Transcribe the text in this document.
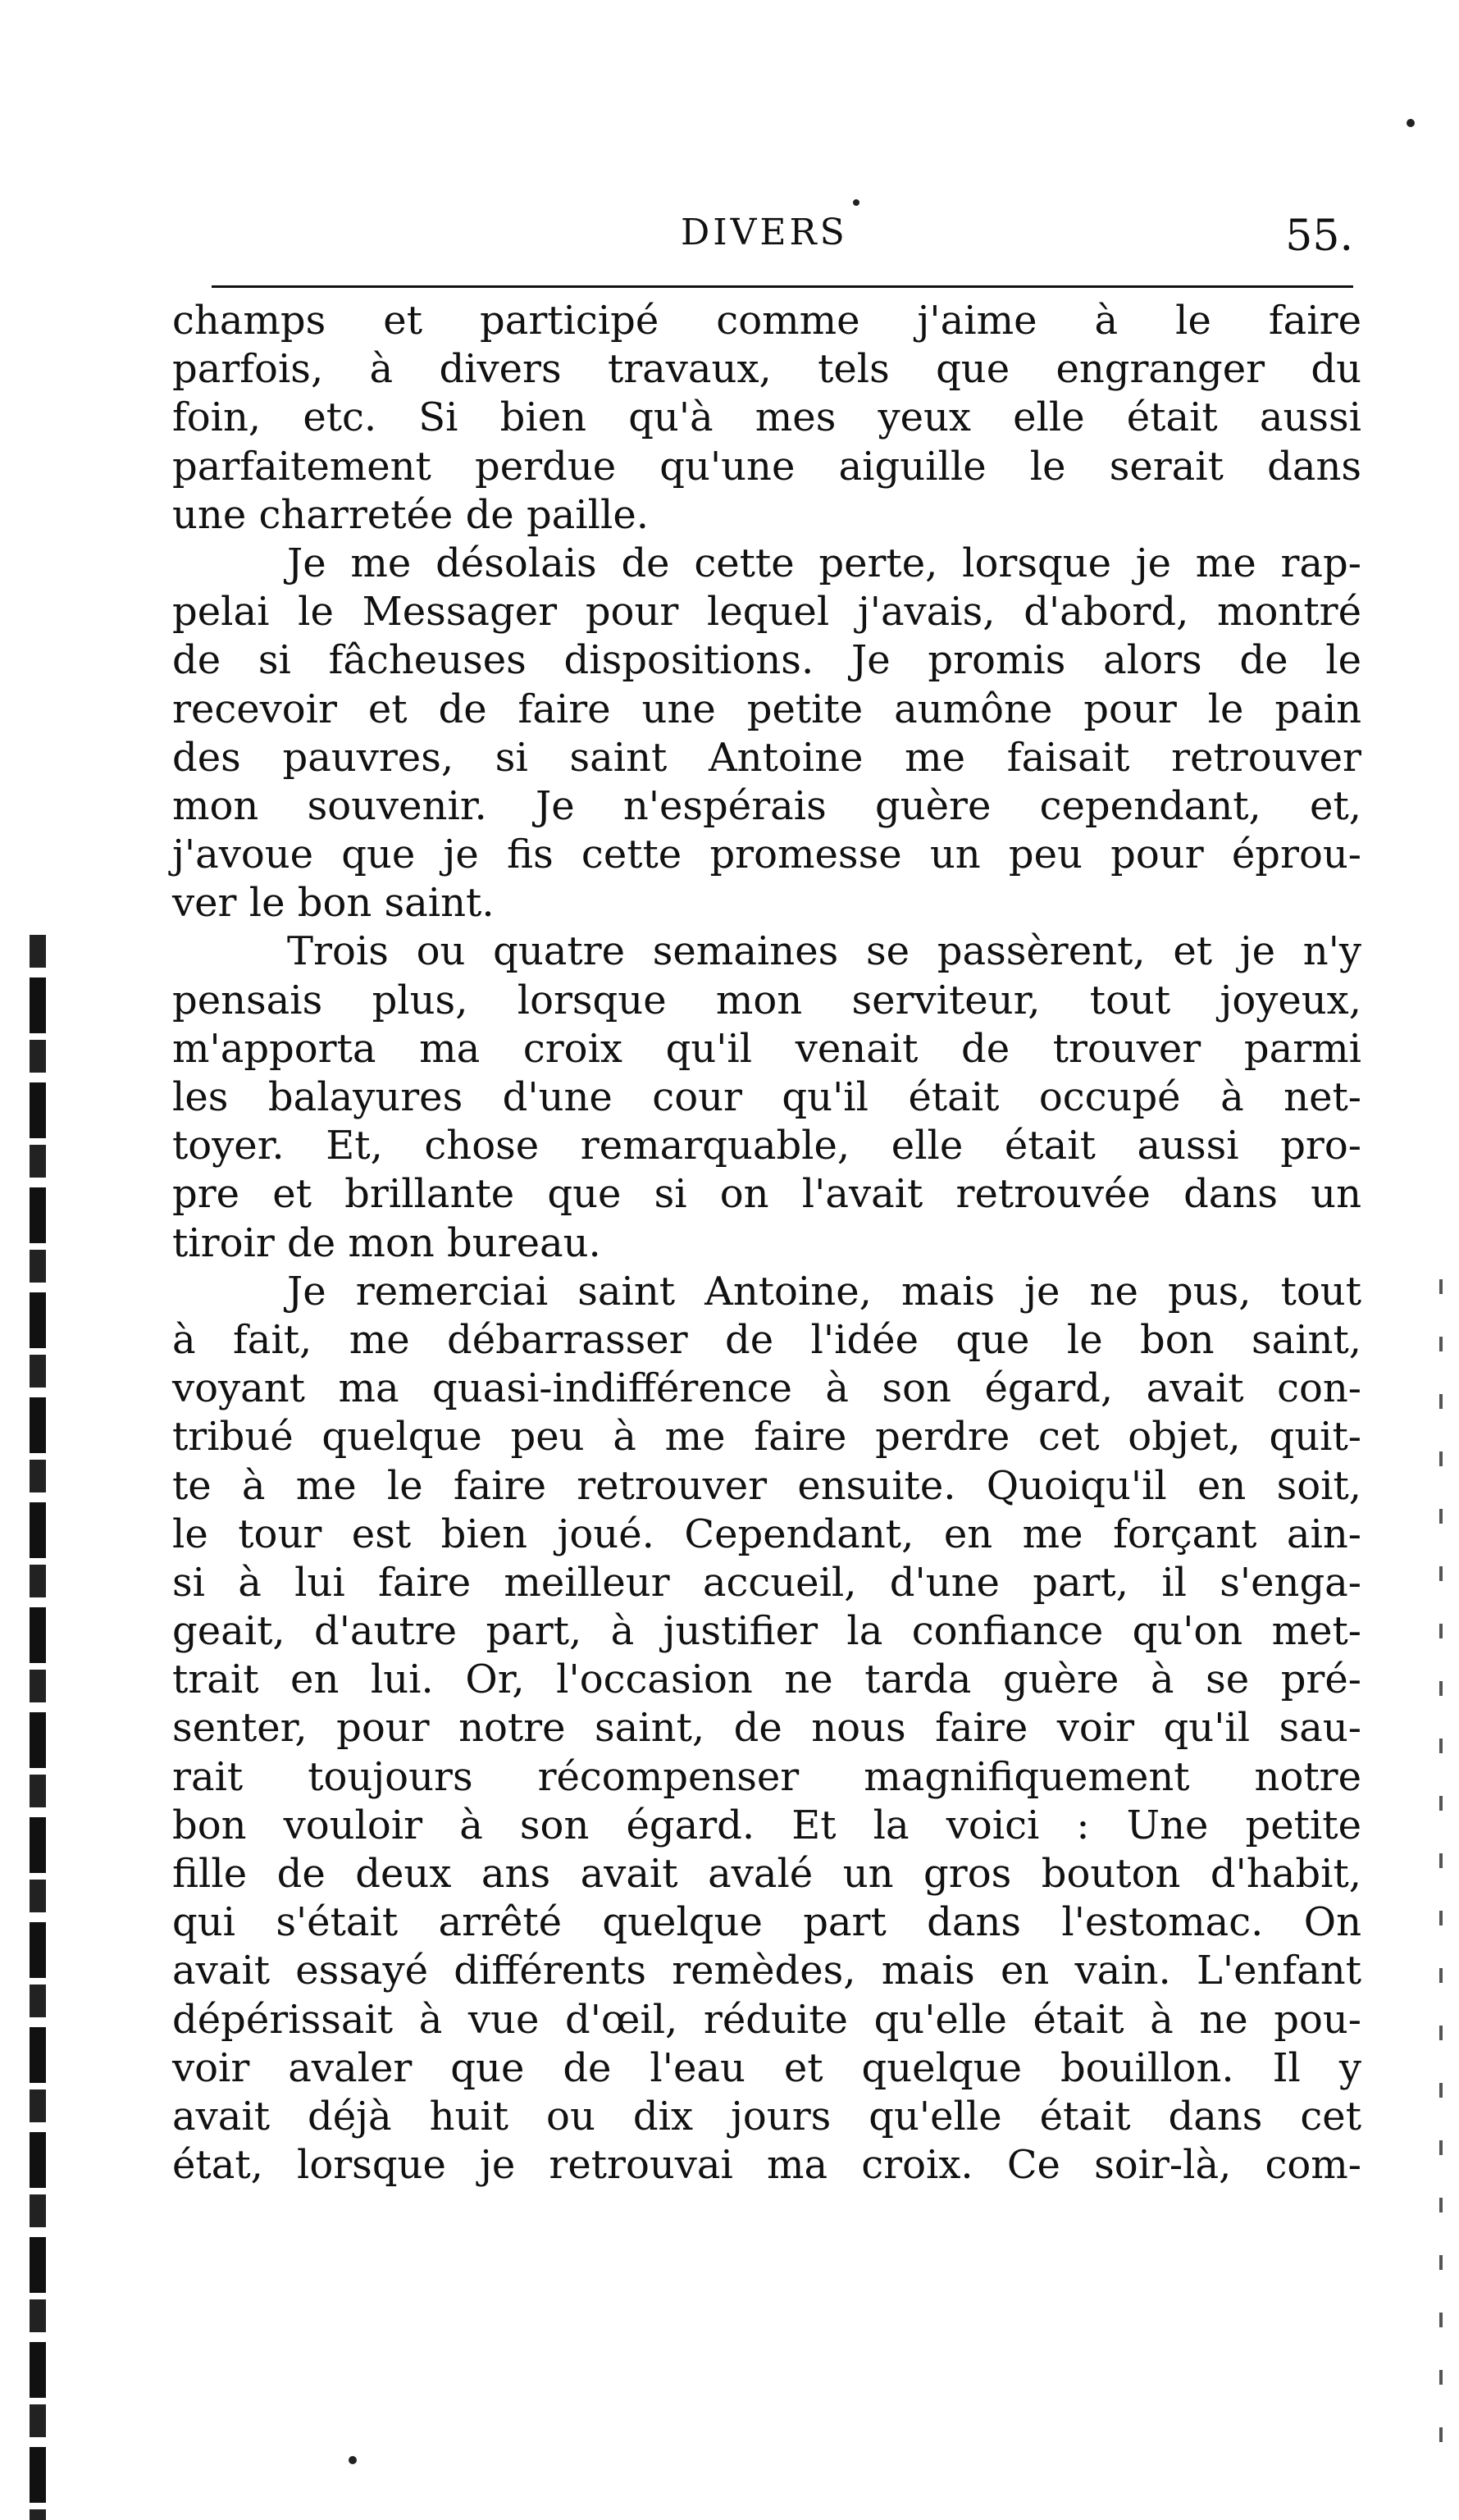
DIVERS	55.
champs et participé comme j'aime à le faire
parfois, à divers travaux, tels que engranger du
foin, etc. Si bien qu'à mes yeux elle était aussi
parfaitement perdue qu'une aiguille le serait dans
une charretée de paille.
Je me désolais de cette perte, lorsque je me rap-
pelai le Messager pour lequel j'avais, d'abord, montré
de si fâcheuses dispositions. Je promis alors de le
recevoir et de faire une petite aumône pour le pain
des pauvres, si saint Antoine me faisait retrouver
mon souvenir. Je n'espérais guère cependant, et,
j'avoue que je fis cette promesse un peu pour éprou-
ver le bon saint.
Trois ou quatre semaines se passèrent, et je n'y
pensais plus, lorsque mon serviteur, tout joyeux,
m'apporta ma croix qu'il venait de trouver parmi
les balayures d'une cour qu'il était occupé à net-
toyer. Et, chose remarquable, elle était aussi pro-
pre et brillante que si on l'avait retrouvée dans un
tiroir de mon bureau.
Je remerciai saint Antoine, mais je ne pus, tout
à fait, me débarrasser de l'idée que le bon saint,
voyant ma quasi-indifférence à son égard, avait con-
tribué quelque peu à me faire perdre cet objet, quit-
te à me le faire retrouver ensuite. Quoiqu'il en soit,
le tour est bien joué. Cependant, en me forçant ain-
si à lui faire meilleur accueil, d'une part, il s'enga-
geait, d'autre part, à justifier la confiance qu'on met-
trait en lui. Or, l'occasion ne tarda guère à se pré-
senter, pour notre saint, de nous faire voir qu'il sau-
rait toujours récompenser magnifiquement notre
bon vouloir à son égard. Et la voici : Une petite
fille de deux ans avait avalé un gros bouton d'habit,
qui s'était arrêté quelque part dans l'estomac. On
avait essayé différents remèdes, mais en vain. L'enfant
dépérissait à vue d'œil, réduite qu'elle était à ne pou-
voir avaler que de l'eau et quelque bouillon. Il y
avait déjà huit ou dix jours qu'elle était dans cet
état, lorsque je retrouvai ma croix. Ce soir-là, com-
